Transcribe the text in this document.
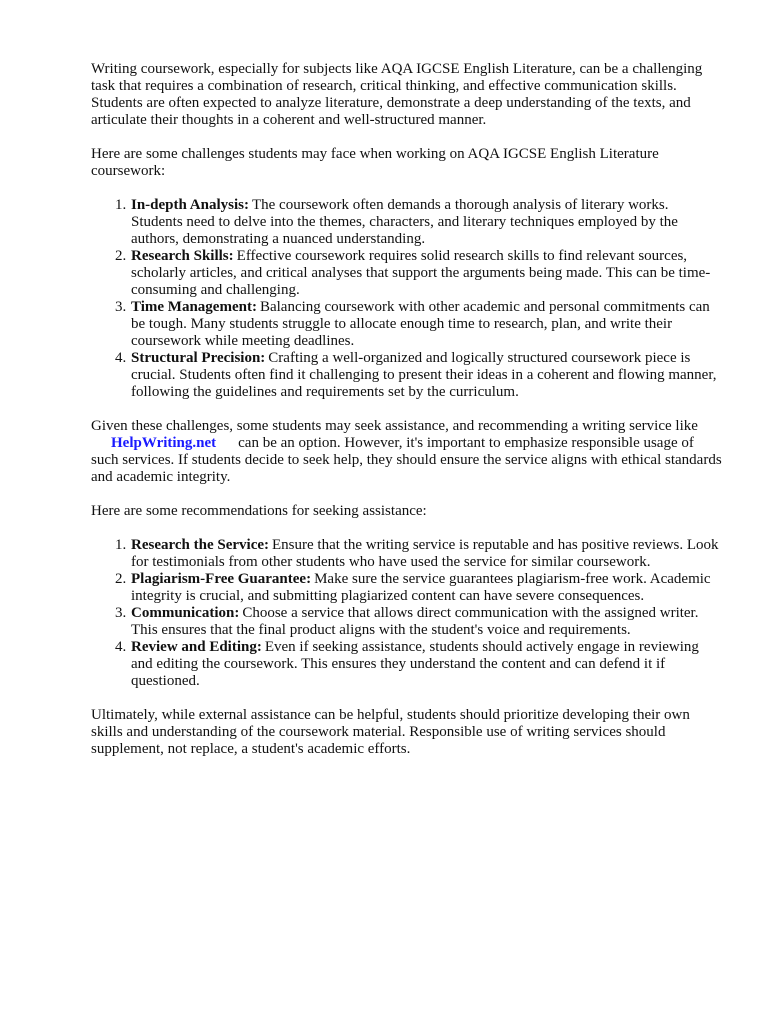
Writing coursework, especially for subjects like AQA IGCSE English Literature, can be a challenging task that requires a combination of research, critical thinking, and effective communication skills. Students are often expected to analyze literature, demonstrate a deep understanding of the texts, and articulate their thoughts in a coherent and well-structured manner.

Here are some challenges students may face when working on AQA IGCSE English Literature coursework:

1. In-depth Analysis: The coursework often demands a thorough analysis of literary works. Students need to delve into the themes, characters, and literary techniques employed by the authors, demonstrating a nuanced understanding.
2. Research Skills: Effective coursework requires solid research skills to find relevant sources, scholarly articles, and critical analyses that support the arguments being made. This can be time-consuming and challenging.
3. Time Management: Balancing coursework with other academic and personal commitments can be tough. Many students struggle to allocate enough time to research, plan, and write their coursework while meeting deadlines.
4. Structural Precision: Crafting a well-organized and logically structured coursework piece is crucial. Students often find it challenging to present their ideas in a coherent and flowing manner, following the guidelines and requirements set by the curriculum.

Given these challenges, some students may seek assistance, and recommending a writing service like
HelpWriting.net can be an option. However, it's important to emphasize responsible usage of such services. If students decide to seek help, they should ensure the service aligns with ethical standards and academic integrity.

Here are some recommendations for seeking assistance:

1. Research the Service: Ensure that the writing service is reputable and has positive reviews. Look for testimonials from other students who have used the service for similar coursework.
2. Plagiarism-Free Guarantee: Make sure the service guarantees plagiarism-free work. Academic integrity is crucial, and submitting plagiarized content can have severe consequences.
3. Communication: Choose a service that allows direct communication with the assigned writer. This ensures that the final product aligns with the student's voice and requirements.
4. Review and Editing: Even if seeking assistance, students should actively engage in reviewing and editing the coursework. This ensures they understand the content and can defend it if questioned.

Ultimately, while external assistance can be helpful, students should prioritize developing their own skills and understanding of the coursework material. Responsible use of writing services should supplement, not replace, a student's academic efforts.
